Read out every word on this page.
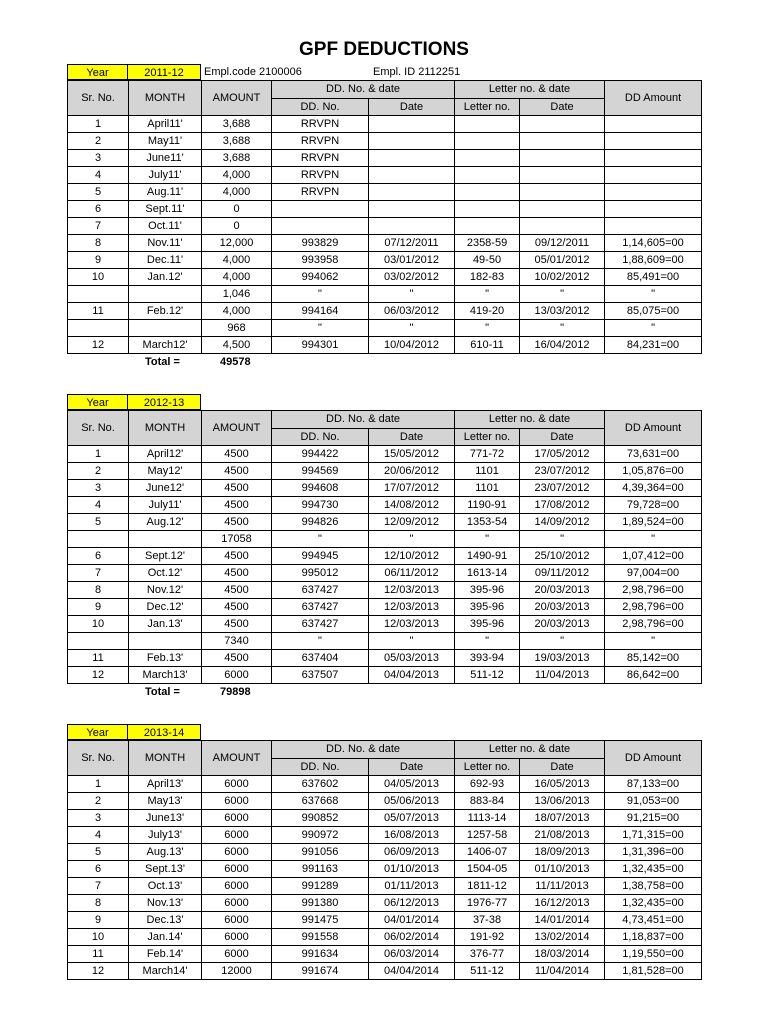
GPF DEDUCTIONS
Year	2011-12	Empl.code 2100006	Empl. ID 2112251
Sr. No.	MONTH	AMOUNT	DD. No. & date		Letter no. & date		DD Amount
			DD. No.	Date	Letter no.	Date	
1	April11'	3,688	RRVPN				
2	May11'	3,688	RRVPN				
3	June11'	3,688	RRVPN				
4	July11'	4,000	RRVPN				
5	Aug.11'	4,000	RRVPN				
6	Sept.11'	0					
7	Oct.11'	0					
8	Nov.11'	12,000	993829	07/12/2011	2358-59	09/12/2011	1,14,605=00
9	Dec.11'	4,000	993958	03/01/2012	49-50	05/01/2012	1,88,609=00
10	Jan.12'	4,000	994062	03/02/2012	182-83	10/02/2012	85,491=00
		1,046	"	"	"	"	"
11	Feb.12'	4,000	994164	06/03/2012	419-20	13/03/2012	85,075=00
		968	"	"	"	"	"
12	March12'	4,500	994301	10/04/2012	610-11	16/04/2012	84,231=00
Total =	49578
Year	2012-13
Sr. No.	MONTH	AMOUNT	DD. No. & date		Letter no. & date		DD Amount
			DD. No.	Date	Letter no.	Date	
1	April12'	4500	994422	15/05/2012	771-72	17/05/2012	73,631=00
2	May12'	4500	994569	20/06/2012	1101	23/07/2012	1,05,876=00
3	June12'	4500	994608	17/07/2012	1101	23/07/2012	4,39,364=00
4	July11'	4500	994730	14/08/2012	1190-91	17/08/2012	79,728=00
5	Aug.12'	4500	994826	12/09/2012	1353-54	14/09/2012	1,89,524=00
		17058	"	"	"	"	"
6	Sept.12'	4500	994945	12/10/2012	1490-91	25/10/2012	1,07,412=00
7	Oct.12'	4500	995012	06/11/2012	1613-14	09/11/2012	97,004=00
8	Nov.12'	4500	637427	12/03/2013	395-96	20/03/2013	2,98,796=00
9	Dec.12'	4500	637427	12/03/2013	395-96	20/03/2013	2,98,796=00
10	Jan.13'	4500	637427	12/03/2013	395-96	20/03/2013	2,98,796=00
		7340	"	"	"	"	"
11	Feb.13'	4500	637404	05/03/2013	393-94	19/03/2013	85,142=00
12	March13'	6000	637507	04/04/2013	511-12	11/04/2013	86,642=00
Total =	79898
Year	2013-14
Sr. No.	MONTH	AMOUNT	DD. No. & date		Letter no. & date		DD Amount
			DD. No.	Date	Letter no.	Date	
1	April13'	6000	637602	04/05/2013	692-93	16/05/2013	87,133=00
2	May13'	6000	637668	05/06/2013	883-84	13/06/2013	91,053=00
3	June13'	6000	990852	05/07/2013	1113-14	18/07/2013	91,215=00
4	July13'	6000	990972	16/08/2013	1257-58	21/08/2013	1,71,315=00
5	Aug.13'	6000	991056	06/09/2013	1406-07	18/09/2013	1,31,396=00
6	Sept.13'	6000	991163	01/10/2013	1504-05	01/10/2013	1,32,435=00
7	Oct.13'	6000	991289	01/11/2013	1811-12	11/11/2013	1,38,758=00
8	Nov.13'	6000	991380	06/12/2013	1976-77	16/12/2013	1,32,435=00
9	Dec.13'	6000	991475	04/01/2014	37-38	14/01/2014	4,73,451=00
10	Jan.14'	6000	991558	06/02/2014	191-92	13/02/2014	1,18,837=00
11	Feb.14'	6000	991634	06/03/2014	376-77	18/03/2014	1,19,550=00
12	March14'	12000	991674	04/04/2014	511-12	11/04/2014	1,81,528=00
